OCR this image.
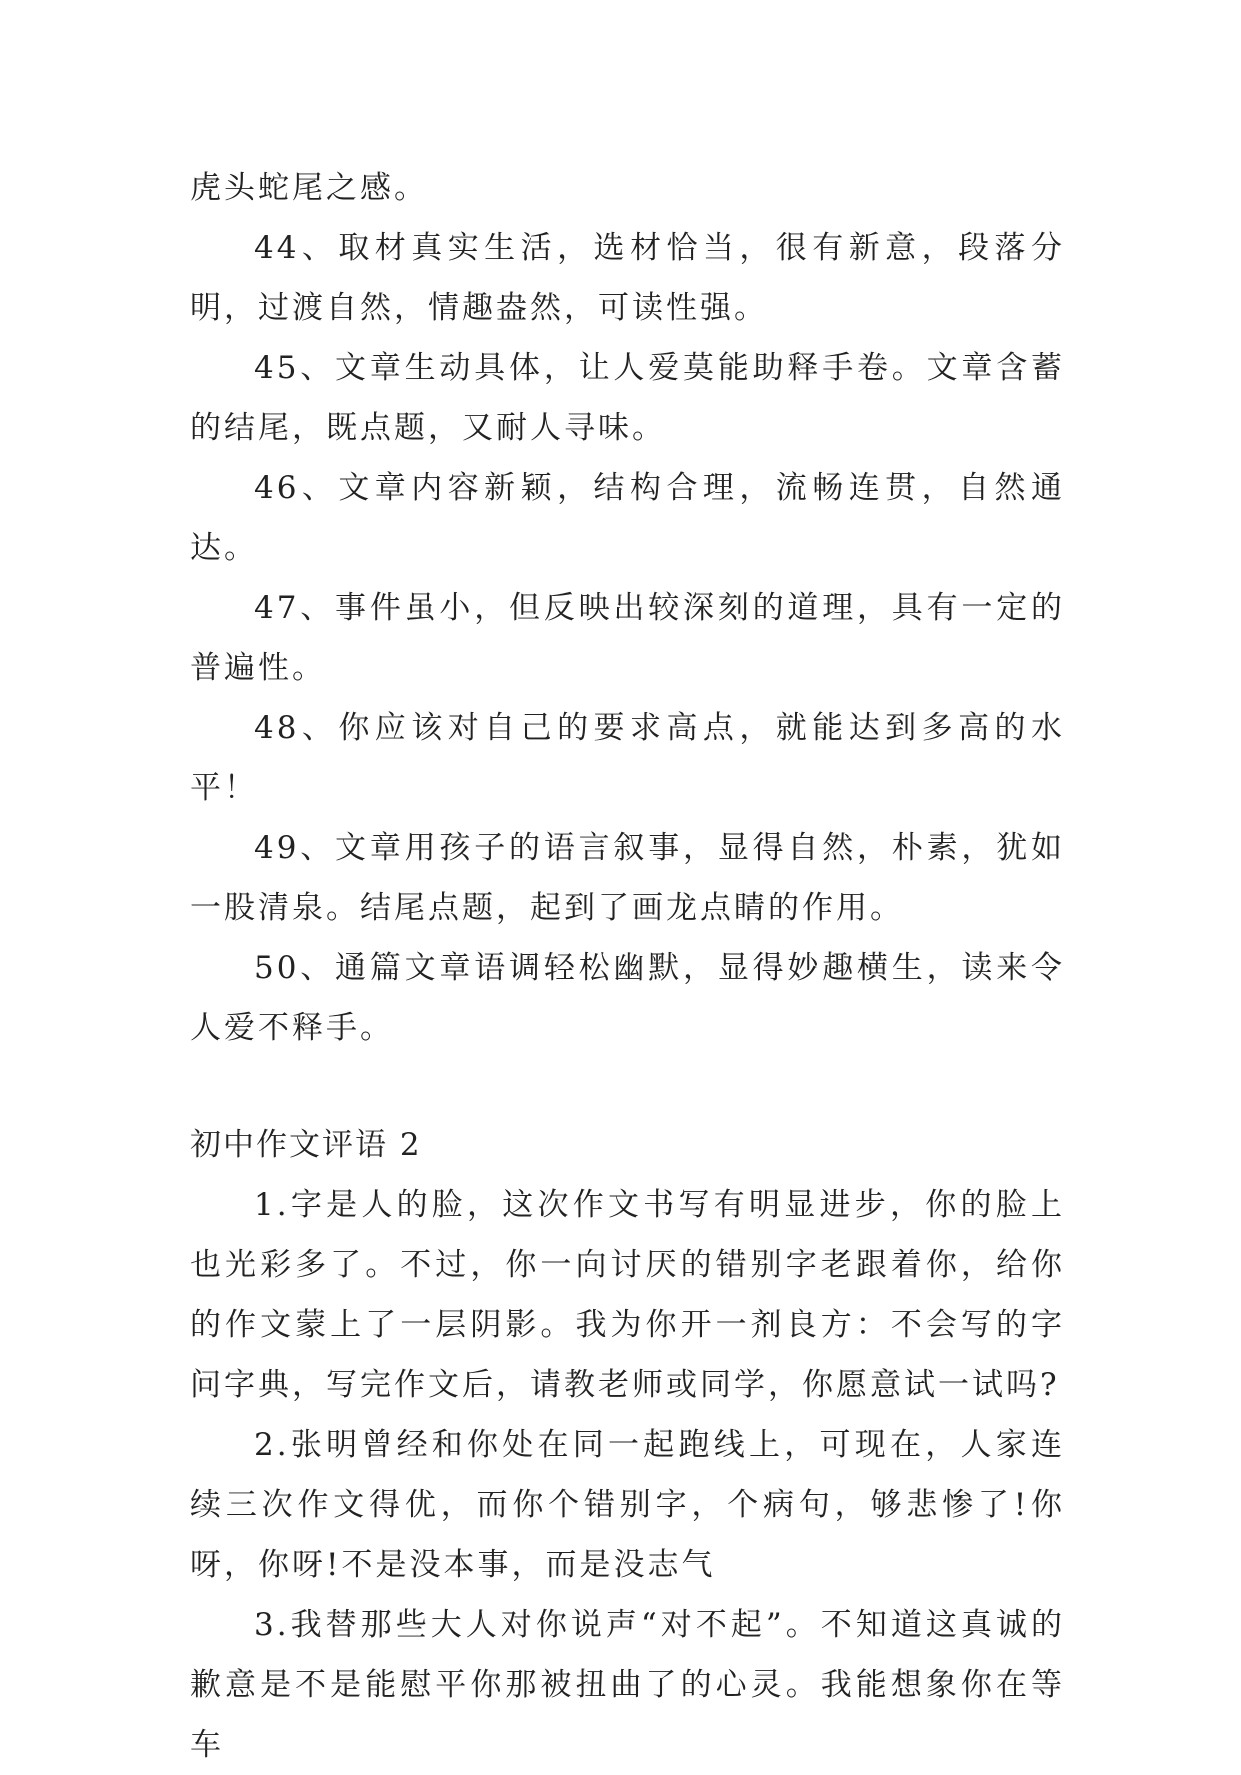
虎头蛇尾之感。

44、取材真实生活，选材恰当，很有新意，段落分明，过渡自然，情趣盎然，可读性强。

45、文章生动具体，让人爱莫能助释手卷。文章含蓄的结尾，既点题，又耐人寻味。

46、文章内容新颖，结构合理，流畅连贯，自然通达。

47、事件虽小，但反映出较深刻的道理，具有一定的普遍性。

48、你应该对自己的要求高点，就能达到多高的水平！

49、文章用孩子的语言叙事，显得自然，朴素，犹如一股清泉。结尾点题，起到了画龙点睛的作用。

50、通篇文章语调轻松幽默，显得妙趣横生，读来令人爱不释手。

初中作文评语 2

1.字是人的脸，这次作文书写有明显进步，你的脸上也光彩多了。不过，你一向讨厌的错别字老跟着你，给你的作文蒙上了一层阴影。我为你开一剂良方：不会写的字问字典，写完作文后，请教老师或同学，你愿意试一试吗?

2.张明曾经和你处在同一起跑线上，可现在，人家连续三次作文得优，而你个错别字，个病句，够悲惨了!你呀，你呀!不是没本事，而是没志气

3.我替那些大人对你说声“对不起”。不知道这真诚的歉意是不是能慰平你那被扭曲了的心灵。我能想象你在等车
